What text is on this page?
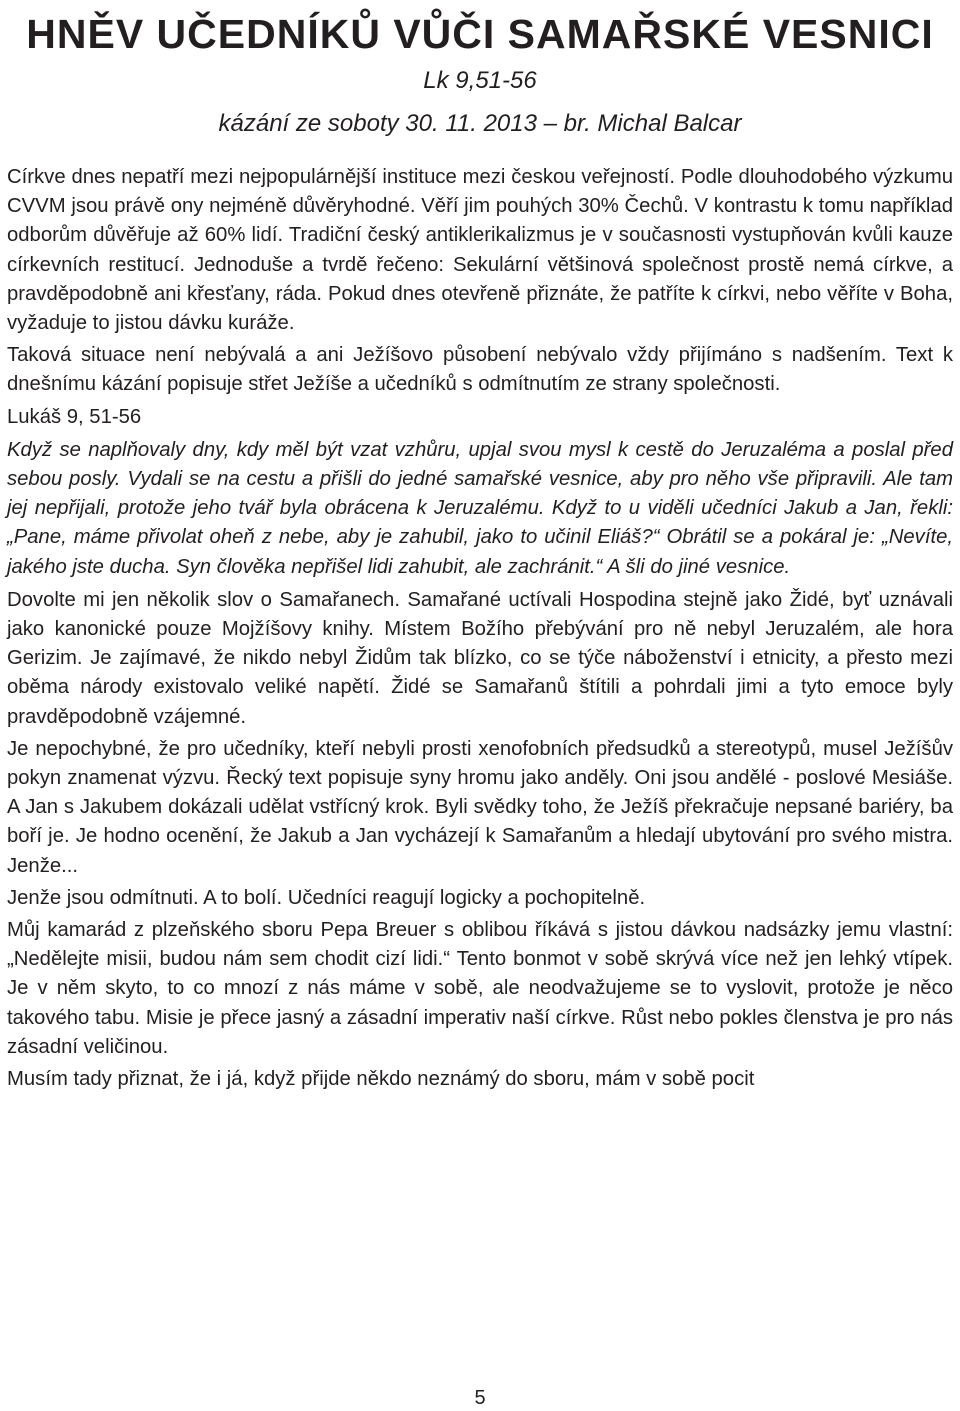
HNĚV UČEDNÍKŮ VŮČI SAMAŘSKÉ VESNICI
Lk 9,51-56
kázání ze soboty 30. 11. 2013 – br. Michal Balcar

Církve dnes nepatří mezi nejpopulárnější instituce mezi českou veřejností. Podle dlouhodobého výzkumu CVVM jsou právě ony nejméně důvěryhodné. Věří jim pouhých 30% Čechů. V kontrastu k tomu například odborům důvěřuje až 60% lidí. Tradiční český antiklerikalizmus je v současnosti vystupňován kvůli kauze církevních restitucí. Jednoduše a tvrdě řečeno: Sekulární většinová společnost prostě nemá církve, a pravděpodobně ani křesťany, ráda. Pokud dnes otevřeně přiznáte, že patříte k církvi, nebo věříte v Boha, vyžaduje to jistou dávku kuráže.

Taková situace není nebývalá a ani Ježíšovo působení nebývalo vždy přijímáno s nadšením. Text k dnešnímu kázání popisuje střet Ježíše a učedníků s odmítnutím ze strany společnosti.

Lukáš 9, 51-56

Když se naplňovaly dny, kdy měl být vzat vzhůru, upjal svou mysl k cestě do Jeruzaléma a poslal před sebou posly. Vydali se na cestu a přišli do jedné samařské vesnice, aby pro něho vše připravili. Ale tam jej nepřijali, protože jeho tvář byla obrácena k Jeruzalému. Když to u viděli učedníci Jakub a Jan, řekli: „Pane, máme přivolat oheň z nebe, aby je zahubil, jako to učinil Eliáš?“ Obrátil se a pokáral je: „Nevíte, jakého jste ducha. Syn člověka nepřišel lidi zahubit, ale zachránit.“ A šli do jiné vesnice.

Dovolte mi jen několik slov o Samařanech. Samařané uctívali Hospodina stejně jako Židé, byť uznávali jako kanonické pouze Mojžíšovy knihy. Místem Božího přebývání pro ně nebyl Jeruzalém, ale hora Gerizim. Je zajímavé, že nikdo nebyl Židům tak blízko, co se týče náboženství i etnicity, a přesto mezi oběma národy existovalo veliké napětí. Židé se Samařanů štítili a pohrdali jimi a tyto emoce byly pravděpodobně vzájemné.

Je nepochybné, že pro učedníky, kteří nebyli prosti xenofobních předsudků a stereotypů, musel Ježíšův pokyn znamenat výzvu. Řecký text popisuje syny hromu jako anděly. Oni jsou andělé - poslové Mesiáše. A Jan s Jakubem dokázali udělat vstřícný krok. Byli svědky toho, že Ježíš překračuje nepsané bariéry, ba boří je. Je hodno ocenění, že Jakub a Jan vycházejí k Samařanům a hledají ubytování pro svého mistra. Jenže...

Jenže jsou odmítnuti. A to bolí. Učedníci reagují logicky a pochopitelně.

Můj kamarád z plzeňského sboru Pepa Breuer s oblibou říkává s jistou dávkou nadsázky jemu vlastní: „Nedělejte misii, budou nám sem chodit cizí lidi.“ Tento bonmot v sobě skrývá více než jen lehký vtípek. Je v něm skyto, to co mnozí z nás máme v sobě, ale neodvažujeme se to vyslovit, protože je něco takového tabu. Misie je přece jasný a zásadní imperativ naší církve. Růst nebo pokles členstva je pro nás zásadní veličinou.

Musím tady přiznat, že i já, když přijde někdo neznámý do sboru, mám v sobě pocit

5
